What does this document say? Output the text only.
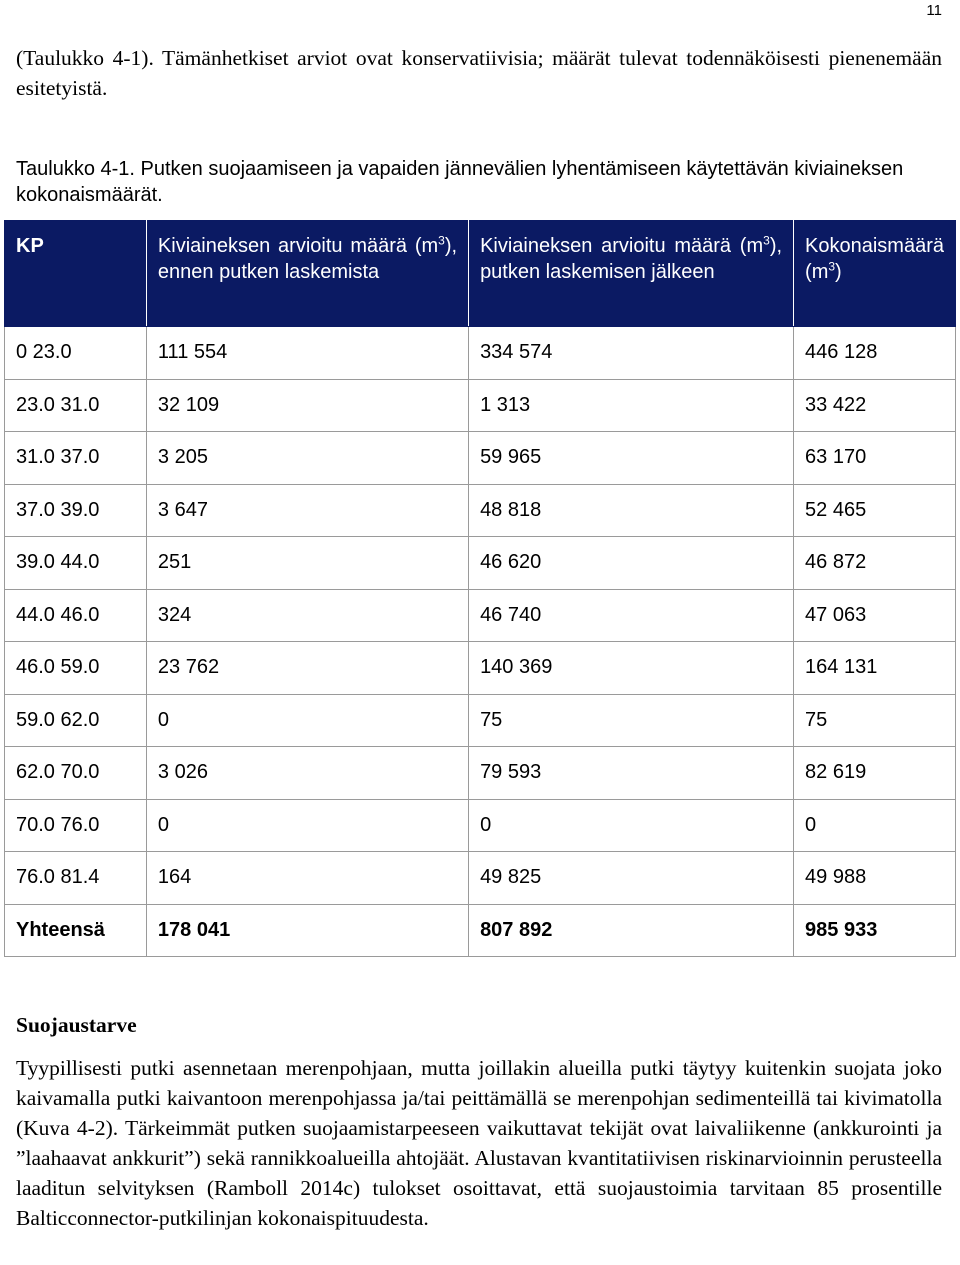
11
(Taulukko 4-1). Tämänhetkiset arviot ovat konservatiivisia; määrät tulevat todennäköisesti pienenemään esitetyistä.
Taulukko 4-1. Putken suojaamiseen ja vapaiden jännevälien lyhentämiseen käytettävän kiviaineksen kokonaismäärät.
KP	Kiviaineksen arvioitu määrä $(m^3)$, ennen putken laskemista	Kiviaineksen arvioitu määrä $(m^3)$, putken laskemisen jälkeen	Kokonaismäärä $(m^3)$
0 23.0	111 554	334 574	446 128
23.0 31.0	32 109	1 313	33 422
31.0 37.0	3 205	59 965	63 170
37.0 39.0	3 647	48 818	52 465
39.0 44.0	251	46 620	46 872
44.0 46.0	324	46 740	47 063
46.0 59.0	23 762	140 369	164 131
59.0 62.0	0	75	75
62.0 70.0	3 026	79 593	82 619
70.0 76.0	0	0	0
76.0 81.4	164	49 825	49 988
Yhteensä	178 041	807 892	985 933
Suojaustarve
Tyypillisesti putki asennetaan merenpohjaan, mutta joillakin alueilla putki täytyy kuitenkin suojata joko kaivamalla putki kaivantoon merenpohjassa ja/tai peittämällä se merenpohjan sedimenteillä tai kivimatolla (Kuva 4-2). Tärkeimmät putken suojaamistarpeeseen vaikuttavat tekijät ovat laivaliikenne (ankkurointi ja ”laahaavat ankkurit”) sekä rannikkoalueilla ahtojäät. Alustavan kvantitatiivisen riskinarvioinnin perusteella laaditun selvityksen (Ramboll 2014c) tulokset osoittavat, että suojaustoimia tarvitaan 85 prosentille Balticconnector-putkilinjan kokonaispituudesta.
